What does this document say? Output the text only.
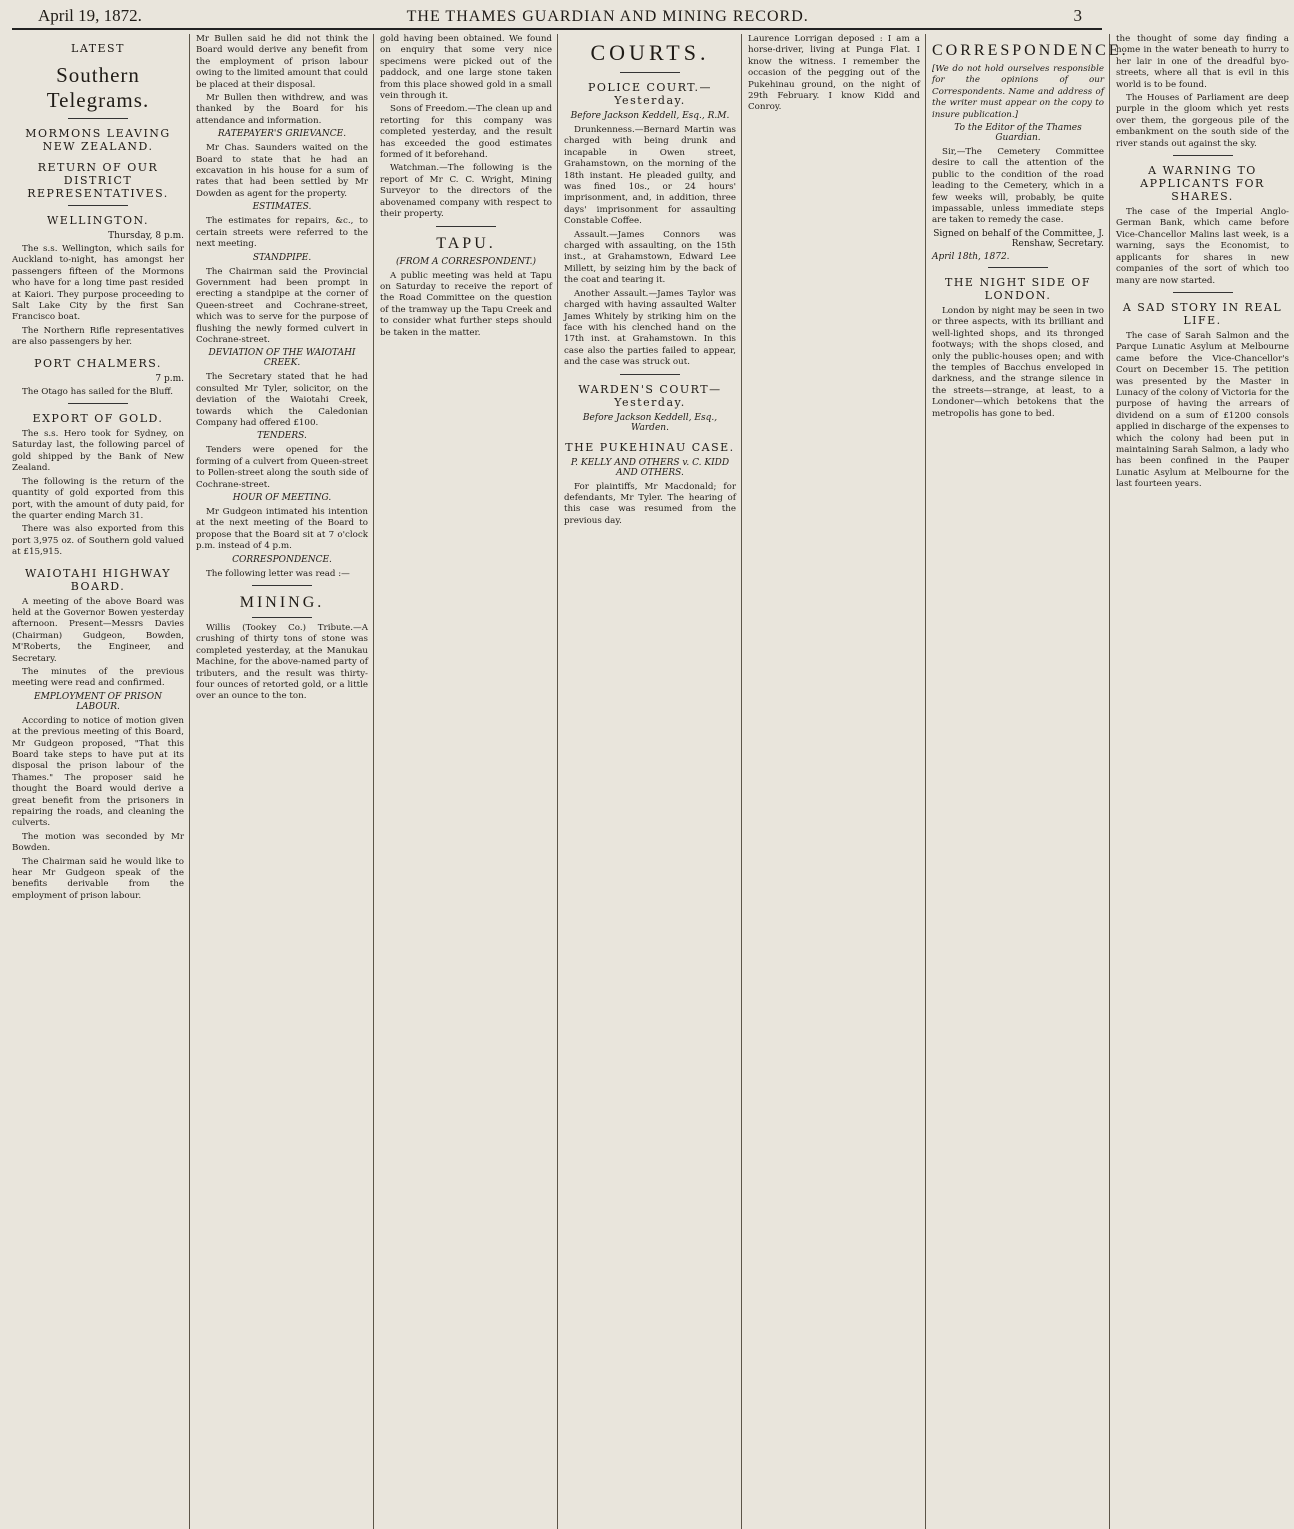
April 19, 1872.	THE THAMES GUARDIAN AND MINING RECORD.	3
LATEST
Southern Telegrams.
MORMONS LEAVING NEW ZEALAND.
RETURN OF OUR DISTRICT REPRESENTATIVES.
WELLINGTON.
Thursday, 8 p.m.

The s.s. Wellington, which sails for Auckland to-night, has amongst her passengers fifteen of the Mormons who have for a long time past resided at Kaiori. They purpose proceeding to Salt Lake City by the first San Francisco boat.

The Northern Rifle representatives are also passengers by her.

PORT CHALMERS.
7 p.m.

The Otago has sailed for the Bluff.

EXPORT OF GOLD.

The s.s. Hero took for Sydney, on Saturday last, the following parcel of gold shipped by the Bank of New Zealand.

The following is the return of the quantity of gold exported from this port, with the amount of duty paid, for the quarter ending March 31.

There was also exported from this port 3,975 oz. of Southern gold valued at £15,915.

WAIOTAHI HIGHWAY BOARD.

A meeting of the above Board was held at the Governor Bowen yesterday afternoon. Present—Messrs Davies (Chairman) Gudgeon, Bowden, M'Roberts, the Engineer, and Secretary.

The minutes of the previous meeting were read and confirmed.

EMPLOYMENT OF PRISON LABOUR.

According to notice of motion given at the previous meeting of this Board, Mr Gudgeon proposed, "That this Board take steps to have put at its disposal the prison labour of the Thames." The proposer said he thought the Board would derive a great benefit from the prisoners in repairing the roads, and cleaning the culverts.

The motion was seconded by Mr Bowden.

The Chairman said he would like to hear Mr Gudgeon speak of the benefits derivable from the employment of prison labour.

Mr Bullen said he did not think the Board would derive any benefit from the employment of prison labour owing to the limited amount that could be placed at their disposal.

Mr Bullen then withdrew, and was thanked by the Board for his attendance and information.

RATEPAYER'S GRIEVANCE.

Mr Chas. Saunders waited on the Board to state that he had an excavation in his house for a sum of rates that had been settled by Mr Dowden as agent for the property.

ESTIMATES.

The estimates for repairs, &c., to certain streets were referred to the next meeting.

STANDPIPE.

The Chairman said the Provincial Government had been prompt in erecting a standpipe at the corner of Queen-street and Cochrane-street, which was to serve for the purpose of flushing the newly formed culvert in Cochrane-street.

DEVIATION OF THE WAIOTAHI CREEK.

The Secretary stated that he had consulted Mr Tyler, solicitor, on the deviation of the Waiotahi Creek, towards which the Caledonian Company had offered £100.

TENDERS.

Tenders were opened for the forming of a culvert from Queen-street to Pollen-street along the south side of Cochrane-street.

HOUR OF MEETING.

Mr Gudgeon intimated his intention at the next meeting of the Board to propose that the Board sit at 7 o'clock p.m. instead of 4 p.m.

CORRESPONDENCE.

The following letter was read :—

MINING.

Willis (Tookey Co.) Tribute.—A crushing of thirty tons of stone was completed yesterday, at the Manukau Machine, for the above-named party of tributers, and the result was thirty-four ounces of retorted gold, or a little over an ounce to the ton.

gold having been obtained. We found on enquiry that some very nice specimens were picked out of the paddock, and one large stone taken from this place showed gold in a small vein through it.

Sons of Freedom.—The clean up and retorting for this company was completed yesterday, and the result has exceeded the good estimates formed of it beforehand.

Watchman.—The following is the report of Mr C. C. Wright, Mining Surveyor to the directors of the abovenamed company with respect to their property.

TAPU.
(FROM A CORRESPONDENT.)

A public meeting was held at Tapu on Saturday to receive the report of the Road Committee on the question of the tramway up the Tapu Creek and to consider what further steps should be taken in the matter.

COURTS.
POLICE COURT.—Yesterday.
Before Jackson Keddell, Esq., R.M.

Drunkenness.—Bernard Martin was charged with being drunk and incapable in Owen street, Grahamstown, on the morning of the 18th instant. He pleaded guilty, and was fined 10s., or 24 hours' imprisonment, and, in addition, three days' imprisonment for assaulting Constable Coffee.

Assault.—James Connors was charged with assaulting, on the 15th inst., at Grahamstown, Edward Lee Millett, by seizing him by the back of the coat and tearing it.

Another Assault.—James Taylor was charged with having assaulted Walter James Whitely by striking him on the face with his clenched hand on the 17th inst. at Grahamstown. In this case also the parties failed to appear, and the case was struck out.

WARDEN'S COURT—Yesterday.
Before Jackson Keddell, Esq., Warden.
THE PUKEHINAU CASE.
P. KELLY AND OTHERS v. C. KIDD AND OTHERS.

For plaintiffs, Mr Macdonald; for defendants, Mr Tyler. The hearing of this case was resumed from the previous day.

Laurence Lorrigan deposed : I am a horse-driver, living at Punga Flat. I know the witness. I remember the occasion of the pegging out of the Pukehinau ground, on the night of 29th February. I know Kidd and Conroy.

CORRESPONDENCE.

[We do not hold ourselves responsible for the opinions of our Correspondents. Name and address of the writer must appear on the copy to insure publication.]

To the Editor of the Thames Guardian.

Sir,—The Cemetery Committee desire to call the attention of the public to the condition of the road leading to the Cemetery, which in a few weeks will, probably, be quite impassable, unless immediate steps are taken to remedy the case.

Signed on behalf of the Committee, J. Renshaw, Secretary.
April 18th, 1872.
THE NIGHT SIDE OF LONDON.

London by night may be seen in two or three aspects, with its brilliant and well-lighted shops, and its thronged footways; with the shops closed, and only the public-houses open; and with the temples of Bacchus enveloped in darkness, and the strange silence in the streets—strange, at least, to a Londoner—which betokens that the metropolis has gone to bed.

the thought of some day finding a home in the water beneath to hurry to her lair in one of the dreadful byo-streets, where all that is evil in this world is to be found.

The Houses of Parliament are deep purple in the gloom which yet rests over them, the gorgeous pile of the embankment on the south side of the river stands out against the sky.

A WARNING TO APPLICANTS FOR SHARES.

The case of the Imperial Anglo-German Bank, which came before Vice-Chancellor Malins last week, is a warning, says the Economist, to applicants for shares in new companies of the sort of which too many are now started.

A SAD STORY IN REAL LIFE.

The case of Sarah Salmon and the Parque Lunatic Asylum at Melbourne came before the Vice-Chancellor's Court on December 15. The petition was presented by the Master in Lunacy of the colony of Victoria for the purpose of having the arrears of dividend on a sum of £1200 consols applied in discharge of the expenses to which the colony had been put in maintaining Sarah Salmon, a lady who has been confined in the Pauper Lunatic Asylum at Melbourne for the last fourteen years.
